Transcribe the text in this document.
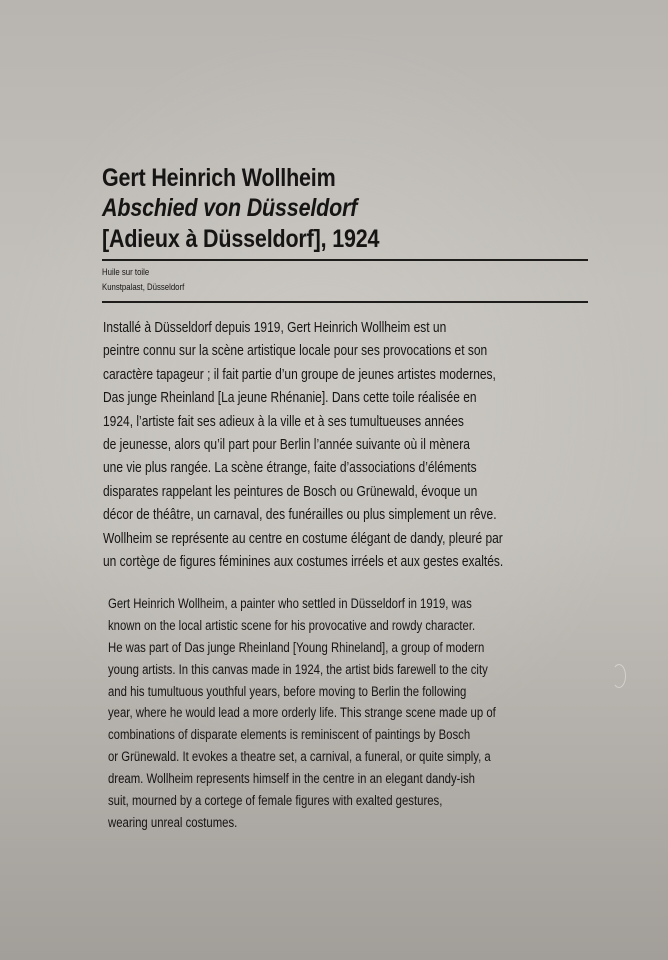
Gert Heinrich Wollheim
Abschied von Düsseldorf
[Adieux à Düsseldorf], 1924
Huile sur toile
Kunstpalast, Düsseldorf
Installé à Düsseldorf depuis 1919, Gert Heinrich Wollheim est un
peintre connu sur la scène artistique locale pour ses provocations et son
caractère tapageur ; il fait partie d’un groupe de jeunes artistes modernes,
Das junge Rheinland [La jeune Rhénanie]. Dans cette toile réalisée en
1924, l’artiste fait ses adieux à la ville et à ses tumultueuses années
de jeunesse, alors qu’il part pour Berlin l’année suivante où il mènera
une vie plus rangée. La scène étrange, faite d’associations d’éléments
disparates rappelant les peintures de Bosch ou Grünewald, évoque un
décor de théâtre, un carnaval, des funérailles ou plus simplement un rêve.
Wollheim se représente au centre en costume élégant de dandy, pleuré par
un cortège de figures féminines aux costumes irréels et aux gestes exaltés.
Gert Heinrich Wollheim, a painter who settled in Düsseldorf in 1919, was
known on the local artistic scene for his provocative and rowdy character.
He was part of Das junge Rheinland [Young Rhineland], a group of modern
young artists. In this canvas made in 1924, the artist bids farewell to the city
and his tumultuous youthful years, before moving to Berlin the following
year, where he would lead a more orderly life. This strange scene made up of
combinations of disparate elements is reminiscent of paintings by Bosch
or Grünewald. It evokes a theatre set, a carnival, a funeral, or quite simply, a
dream. Wollheim represents himself in the centre in an elegant dandy-ish
suit, mourned by a cortege of female figures with exalted gestures,
wearing unreal costumes.
